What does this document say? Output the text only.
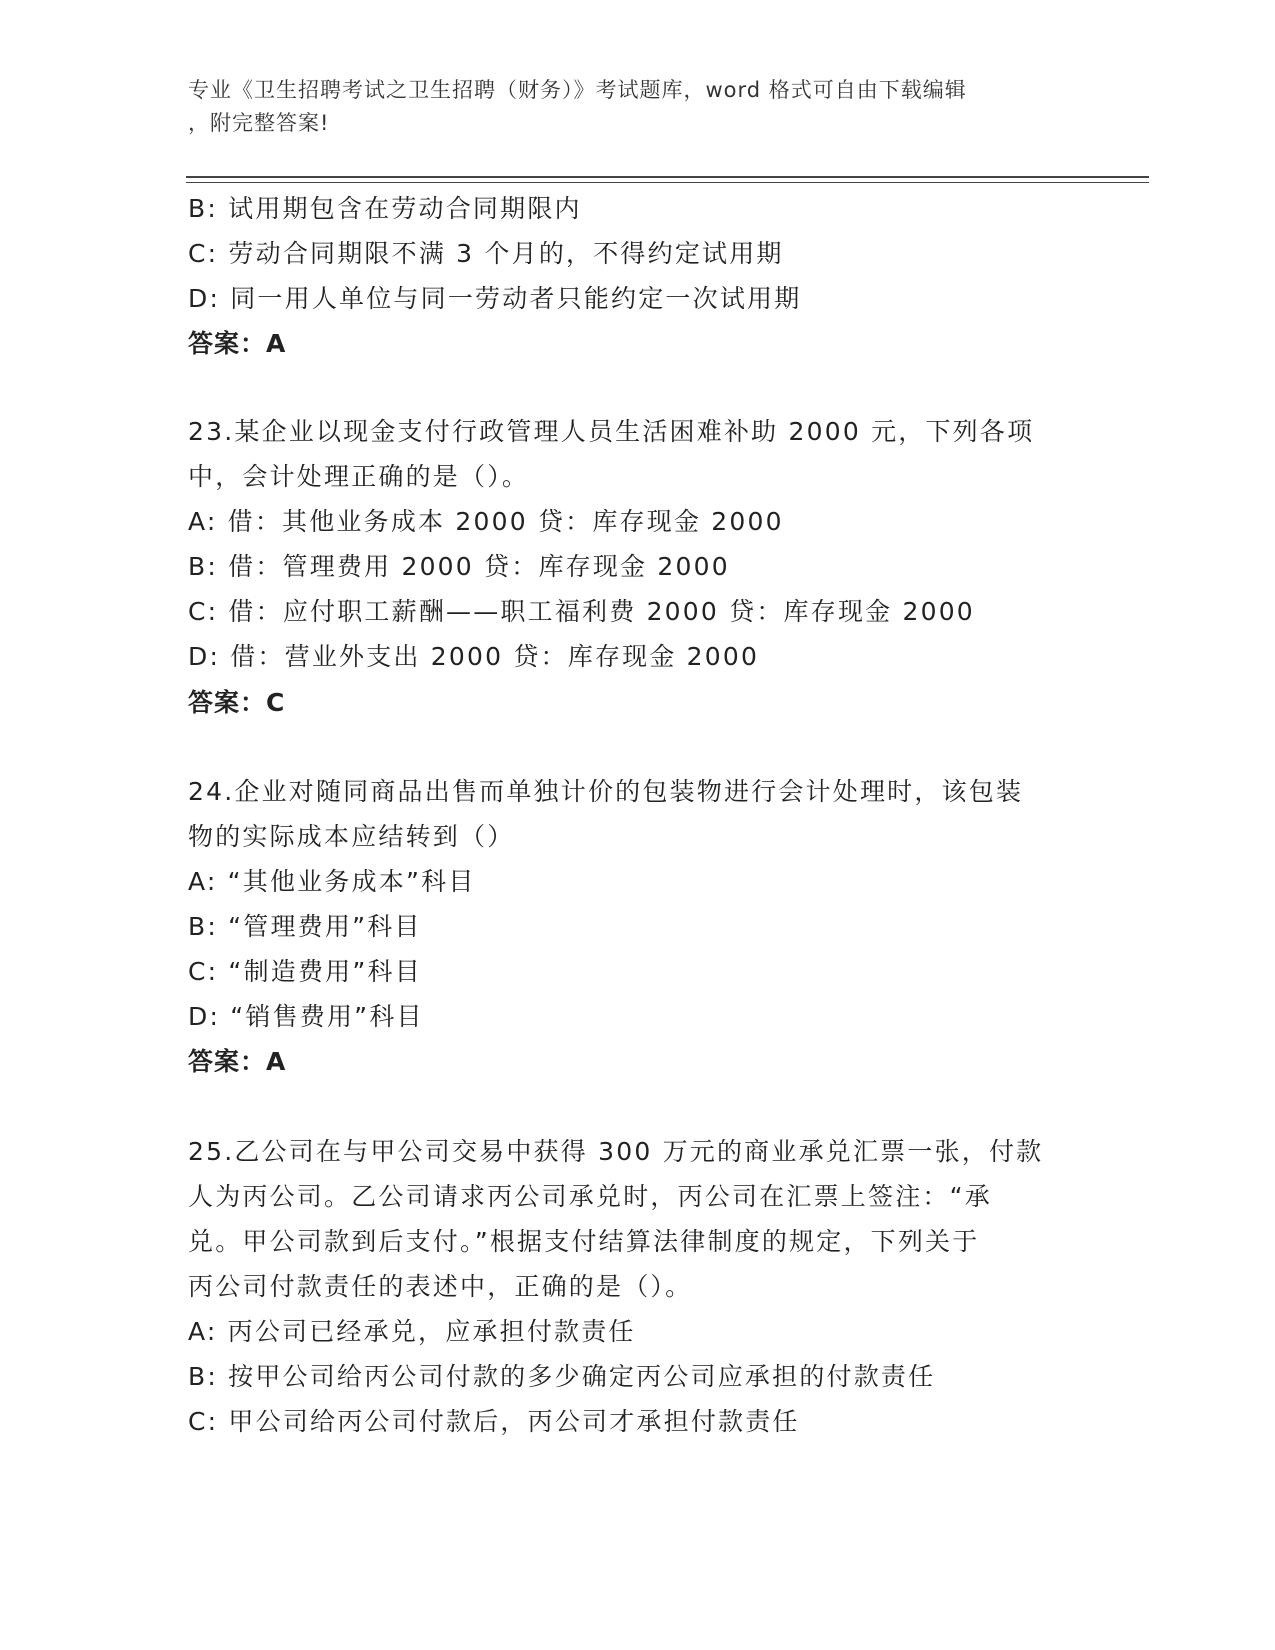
专业《卫生招聘考试之卫生招聘（财务）》考试题库，word 格式可自由下载编辑
，附完整答案!
B: 试用期包含在劳动合同期限内
C: 劳动合同期限不满 3 个月的，不得约定试用期
D: 同一用人单位与同一劳动者只能约定一次试用期
答案：A
23.某企业以现金支付行政管理人员生活困难补助 2000 元，下列各项
中，会计处理正确的是（）。
A: 借：其他业务成本 2000 贷：库存现金 2000
B: 借：管理费用 2000 贷：库存现金 2000
C: 借：应付职工薪酬——职工福利费 2000 贷：库存现金 2000
D: 借：营业外支出 2000 贷：库存现金 2000
答案：C
24.企业对随同商品出售而单独计价的包装物进行会计处理时，该包装
物的实际成本应结转到（）
A: “其他业务成本”科目
B: “管理费用”科目
C: “制造费用”科目
D: “销售费用”科目
答案：A
25.乙公司在与甲公司交易中获得 300 万元的商业承兑汇票一张，付款
人为丙公司。乙公司请求丙公司承兑时，丙公司在汇票上签注：“承
兑。甲公司款到后支付。”根据支付结算法律制度的规定，下列关于
丙公司付款责任的表述中，正确的是（）。
A: 丙公司已经承兑，应承担付款责任
B: 按甲公司给丙公司付款的多少确定丙公司应承担的付款责任
C: 甲公司给丙公司付款后，丙公司才承担付款责任
